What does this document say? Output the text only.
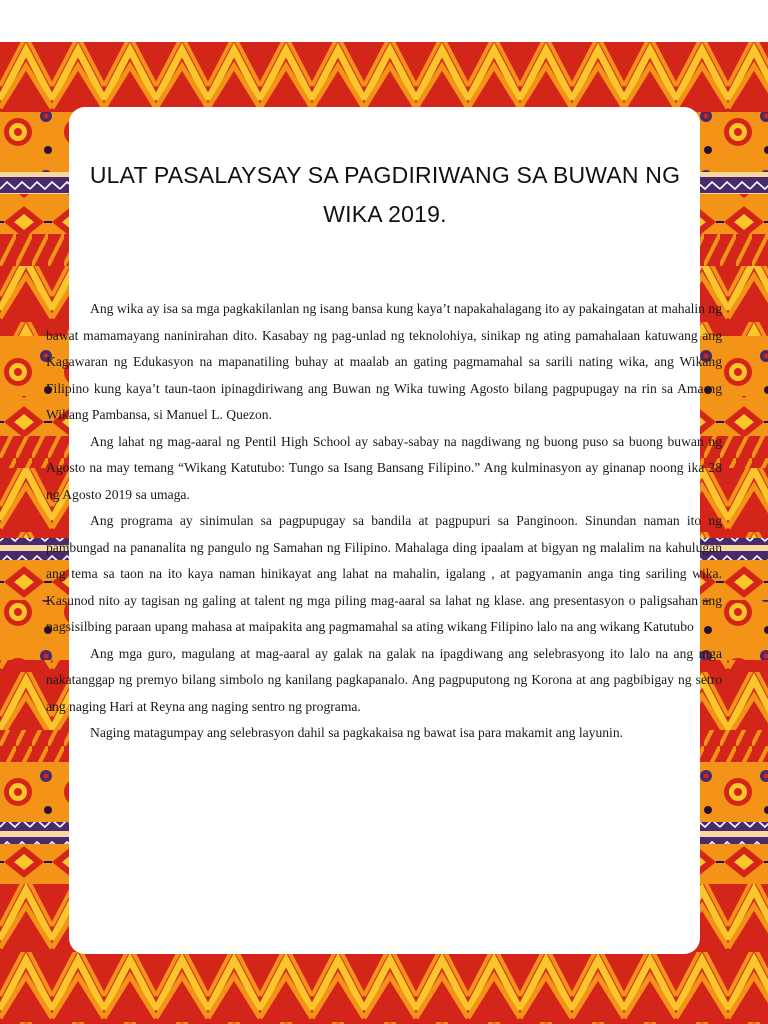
ULAT PASALAYSAY SA PAGDIRIWANG SA BUWAN NG WIKA 2019.

Ang wika ay isa sa mga pagkakilanlan ng isang bansa kung kaya’t napakahalagang ito ay pakaingatan at mahalin ng bawat mamamayang naninirahan dito. Kasabay ng pag-unlad ng teknolohiya, sinikap ng ating pamahalaan katuwang ang Kagawaran ng Edukasyon na mapanatiling buhay at maalab an gating pagmamahal sa sarili nating wika, ang Wikang Filipino kung kaya’t taun-taon ipinagdiriwang ang Buwan ng Wika tuwing Agosto bilang pagpupugay na rin sa Ama ng Wikang Pambansa, si Manuel L. Quezon.

Ang lahat ng mag-aaral ng Pentil High School ay sabay-sabay na nagdiwang ng buong puso sa buong buwan ng Agosto na may temang “Wikang Katutubo: Tungo sa Isang Bansang Filipino.” Ang kulminasyon ay ginanap noong ika 28 ng Agosto 2019 sa umaga.

Ang programa ay sinimulan sa pagpupugay sa bandila at pagpupuri sa Panginoon. Sinundan naman ito ng pambungad na pananalita ng pangulo ng Samahan ng Filipino. Mahalaga ding ipaalam at bigyan ng malalim na kahulugan ang tema sa taon na ito kaya naman hinikayat ang lahat na mahalin, igalang , at pagyamanin anga ting sariling wika. Kasunod nito ay tagisan ng galing at talent ng mga piling mag-aaral sa lahat ng klase. ang presentasyon o paligsahan ang nagsisilbing paraan upang mahasa at maipakita ang pagmamahal sa ating wikang Filipino lalo na ang wikang Katutubo

Ang mga guro, magulang at mag-aaral ay galak na galak na ipagdiwang ang selebrasyong ito lalo na ang mga nakatanggap ng premyo bilang simbolo ng kanilang pagkapanalo. Ang pagpuputong ng Korona at ang pagbibigay ng setro ang naging Hari at Reyna ang naging sentro ng programa.

Naging matagumpay ang selebrasyon dahil sa pagkakaisa ng bawat isa para makamit ang layunin.
